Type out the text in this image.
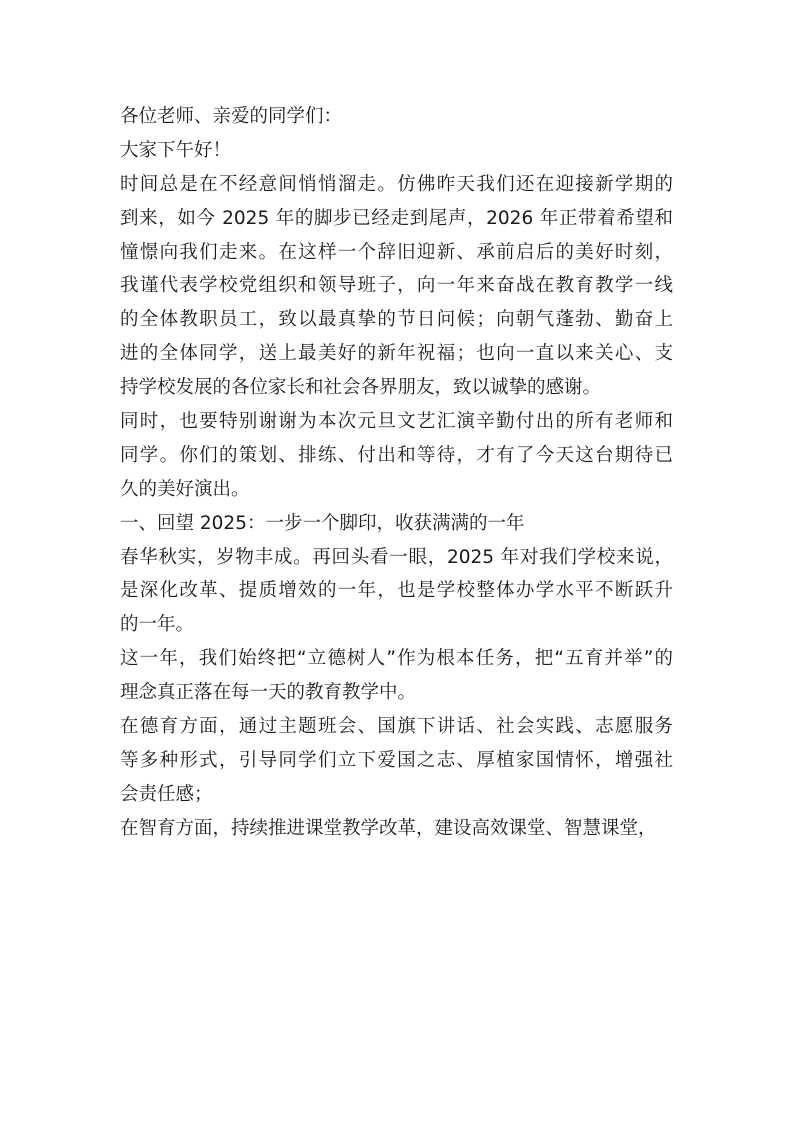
各位老师、亲爱的同学们：
大家下午好！
时间总是在不经意间悄悄溜走。仿佛昨天我们还在迎接新学期的
到来，如今 2025 年的脚步已经走到尾声，2026 年正带着希望和
憧憬向我们走来。在这样一个辞旧迎新、承前启后的美好时刻，
我谨代表学校党组织和领导班子，向一年来奋战在教育教学一线
的全体教职员工，致以最真挚的节日问候；向朝气蓬勃、勤奋上
进的全体同学，送上最美好的新年祝福；也向一直以来关心、支
持学校发展的各位家长和社会各界朋友，致以诚挚的感谢。
同时，也要特别谢谢为本次元旦文艺汇演辛勤付出的所有老师和
同学。你们的策划、排练、付出和等待，才有了今天这台期待已
久的美好演出。
一、回望 2025：一步一个脚印，收获满满的一年
春华秋实，岁物丰成。再回头看一眼，2025 年对我们学校来说，
是深化改革、提质增效的一年，也是学校整体办学水平不断跃升
的一年。
这一年，我们始终把“立德树人”作为根本任务，把“五育并举”的
理念真正落在每一天的教育教学中。
在德育方面，通过主题班会、国旗下讲话、社会实践、志愿服务
等多种形式，引导同学们立下爱国之志、厚植家国情怀，增强社
会责任感；
在智育方面，持续推进课堂教学改革，建设高效课堂、智慧课堂，
